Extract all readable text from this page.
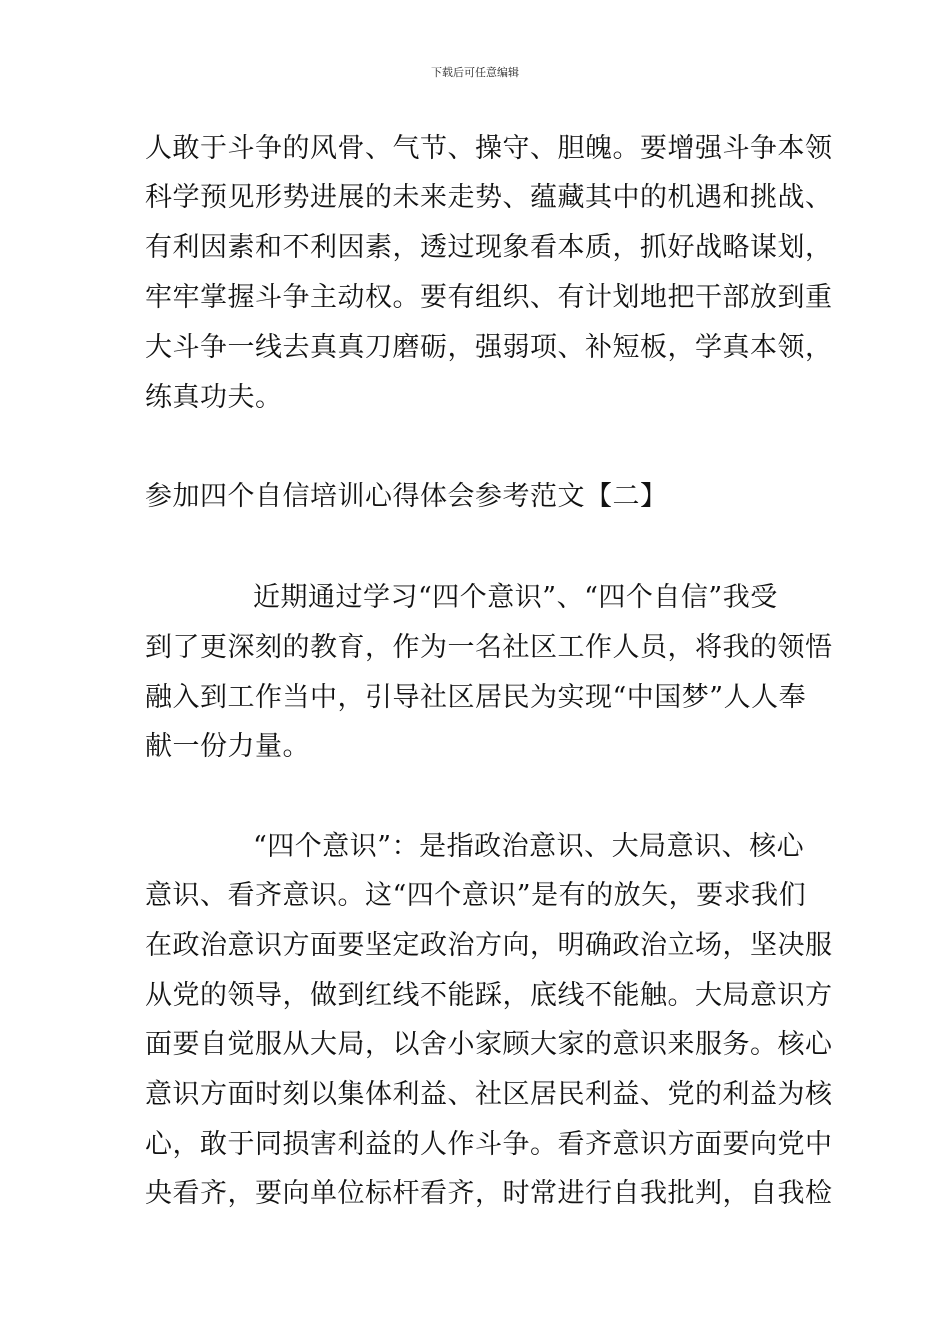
下载后可任意编辑
人敢于斗争的风骨、气节、操守、胆魄。要增强斗争本领
科学预见形势进展的未来走势、蕴藏其中的机遇和挑战、
有利因素和不利因素，透过现象看本质，抓好战略谋划，
牢牢掌握斗争主动权。要有组织、有计划地把干部放到重
大斗争一线去真真刀磨砺，强弱项、补短板，学真本领，
练真功夫。
参加四个自信培训心得体会参考范文【二】
近期通过学习“四个意识”、“四个自信”我受
到了更深刻的教育，作为一名社区工作人员，将我的领悟
融入到工作当中，引导社区居民为实现“中国梦”人人奉
献一份力量。
“四个意识”：是指政治意识、大局意识、核心
意识、看齐意识。这“四个意识”是有的放矢，要求我们
在政治意识方面要坚定政治方向，明确政治立场，坚决服
从党的领导，做到红线不能踩，底线不能触。大局意识方
面要自觉服从大局，以舍小家顾大家的意识来服务。核心
意识方面时刻以集体利益、社区居民利益、党的利益为核
心，敢于同损害利益的人作斗争。看齐意识方面要向党中
央看齐，要向单位标杆看齐，时常进行自我批判，自我检
